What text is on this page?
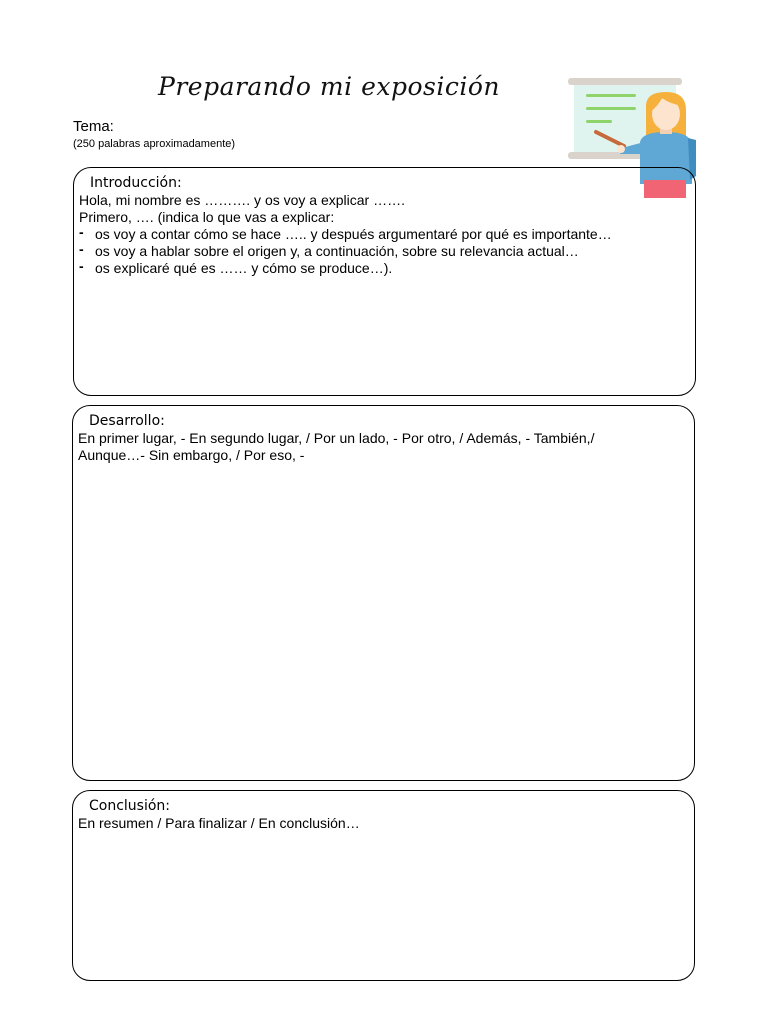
Preparando mi exposición
Tema:
(250 palabras aproximadamente)
Introducción:
Hola, mi nombre es ………. y os voy a explicar …….
Primero, …. (indica lo que vas a explicar:
- os voy a contar cómo se hace ….. y después argumentaré por qué es importante…
- os voy a hablar sobre el origen y, a continuación, sobre su relevancia actual…
- os explicaré qué es …… y cómo se produce…).
Desarrollo:
En primer lugar, - En segundo lugar, / Por un lado, - Por otro, / Además, - También,/
Aunque…- Sin embargo, / Por eso, -
Conclusión:
En resumen / Para finalizar / En conclusión…
